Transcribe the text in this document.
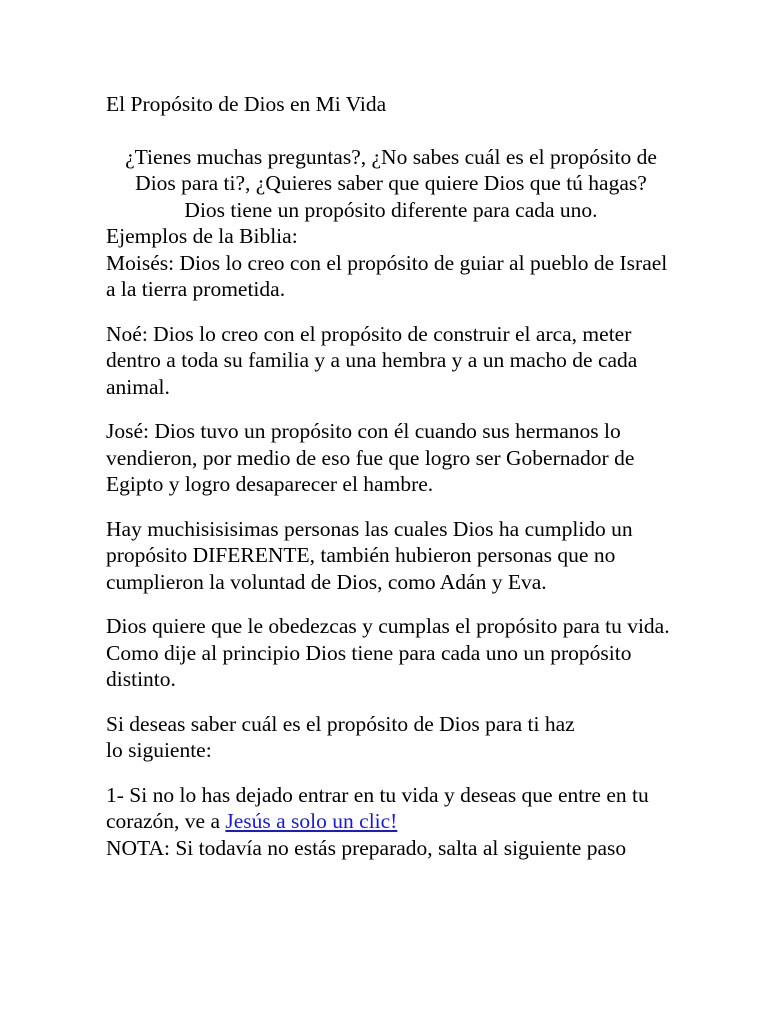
El Propósito de Dios en Mi Vida

¿Tienes muchas preguntas?, ¿No sabes cuál es el propósito de Dios para ti?, ¿Quieres saber que quiere Dios que tú hagas?

Dios tiene un propósito diferente para cada uno.

Ejemplos de la Biblia:

Moisés: Dios lo creo con el propósito de guiar al pueblo de Israel a la tierra prometida.

Noé: Dios lo creo con el propósito de construir el arca, meter dentro a toda su familia y a una hembra y a un macho de cada animal.

José: Dios tuvo un propósito con él cuando sus hermanos lo vendieron, por medio de eso fue que logro ser Gobernador de Egipto y logro desaparecer el hambre.

Hay muchisisisimas personas las cuales Dios ha cumplido un propósito DIFERENTE, también hubieron personas que no cumplieron la voluntad de Dios, como Adán y Eva.

Dios quiere que le obedezcas y cumplas el propósito para tu vida.

Como dije al principio Dios tiene para cada uno un propósito distinto.

Si deseas saber cuál es el propósito de Dios para ti haz
lo siguiente:

1- Si no lo has dejado entrar en tu vida y deseas que entre en tu corazón, ve a Jesús a solo un clic!

NOTA: Si todavía no estás preparado, salta al siguiente paso
